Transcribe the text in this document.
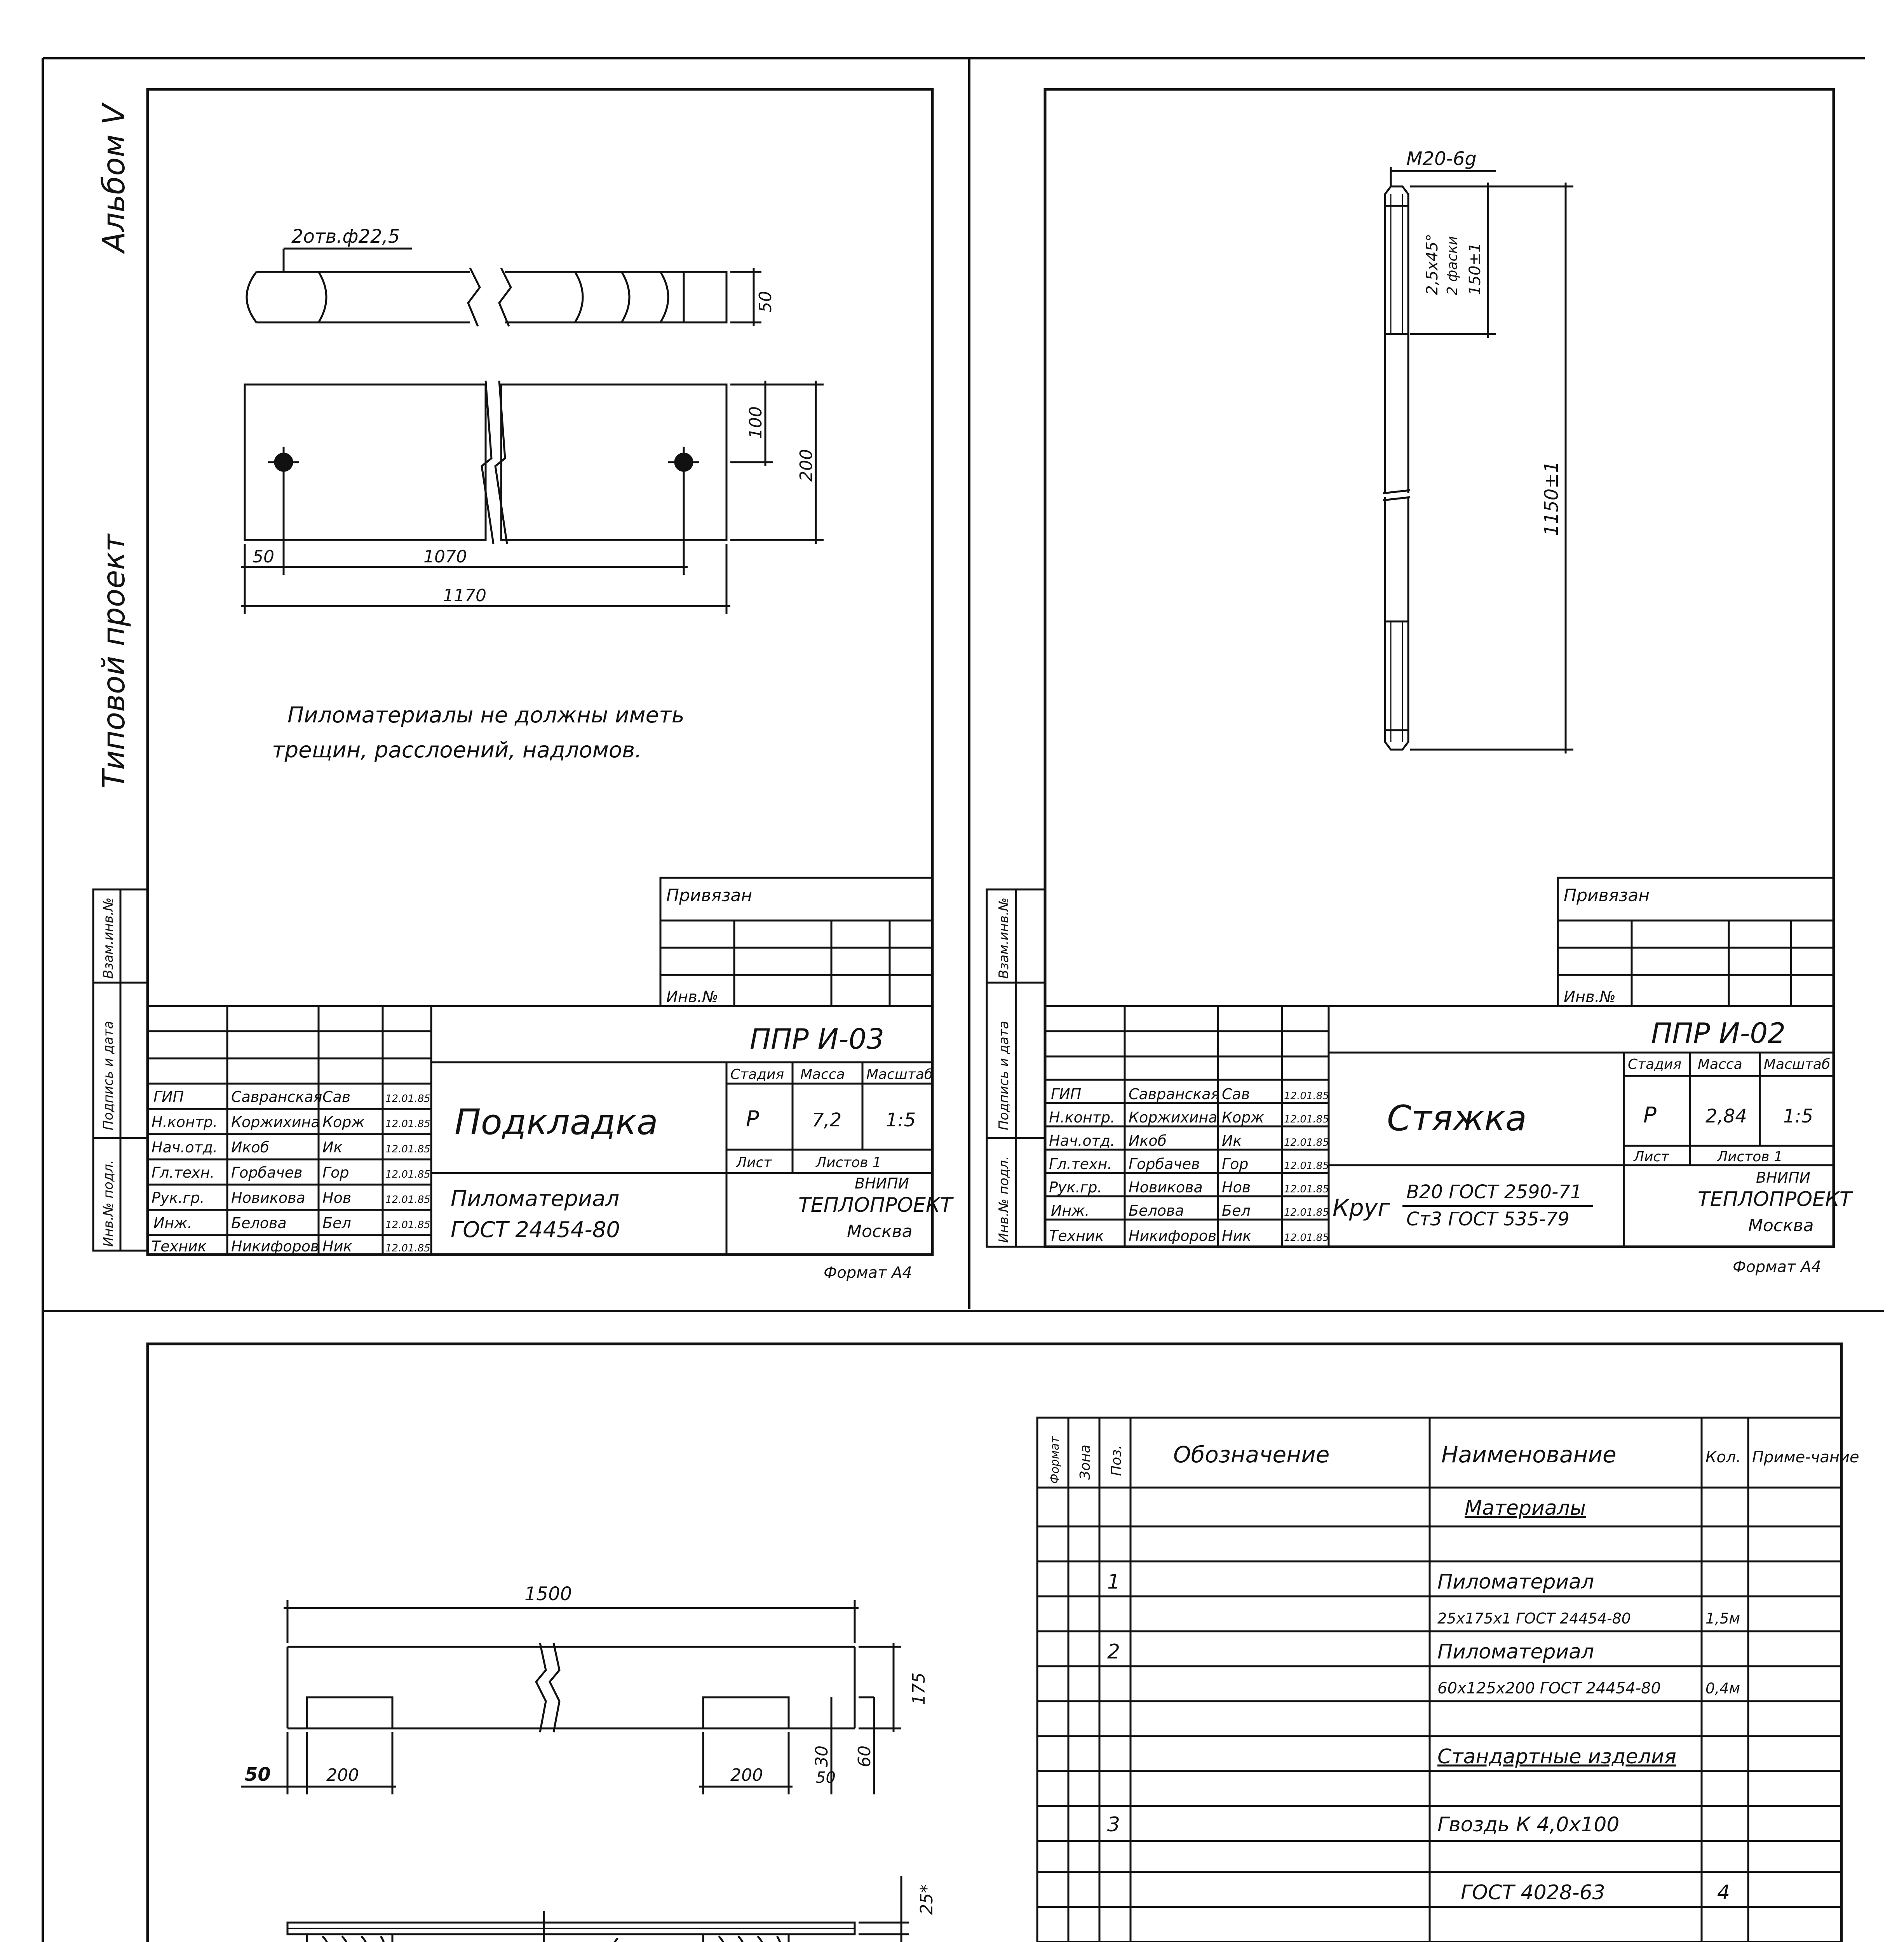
Альбом V
Типовой проект
Инв.№ подл.
Подпись и дата
Взам.инв.№
Инв.№ подл.
Подпись и дата
Взам.инв.№
2отв.ф22,5
50
100
200
50	1070
1170
Пиломатериалы не должны иметь
трещин, расслоений, надломов.
Привязан
Инв.№
ППР И-03
Подкладка
Стадия Масса Масштаб
Р	7,2 1:5
Лист	Листов 1
Пиломатериал
ГОСТ 24454-80
ВНИПИ
ТЕПЛОПРОЕКТ
Москва
Формат А4
ГИП	Савранская Сав	12.01.85
Н.контр. Коржихина Корж 12.01.85
Нач.отд. Икоб	Ик	12.01.85
Гл.техн. Горбачев Гор	12.01.85
Рук.гр. Новикова Нов	12.01.85
Инж.	Белова Бел	12.01.85
Техник Никифоров Ник	12.01.85
М20-6g
2,5х45° 2 фаски 150±1
1150±1
Привязан
Инв.№
ППР И-02
Стяжка
Стадия Масса Масштаб
Р	2,84 1:5
Лист	Листов 1
Круг
В20 ГОСТ 2590-71
Ст3 ГОСТ 535-79
ВНИПИ
ТЕПЛОПРОЕКТ
Москва
Формат А4
ГИП	Савранская Сав	12.01.85
Н.контр. Коржихина Корж 12.01.85
Нач.отд. Икоб	Ик	12.01.85
Гл.техн. Горбачев Гор	12.01.85
Рук.гр. Новикова Нов	12.01.85
Инж.	Белова	Бел	12.01.85
Техник Никифоров Ник	12.01.85
1500
175
50	200	200
30 60
50
25*
Формат Зона Поз. Обозначение	Наименование	Кол. Приме-чание
Материалы
1	Пиломатериал
25х175х1 ГОСТ 24454-80	1,5м
2	Пиломатериал
60х125х200 ГОСТ 24454-80	0,4м
Стандартные изделия
3	Гвоздь К 4,0х100
ГОСТ 4028-63	4
